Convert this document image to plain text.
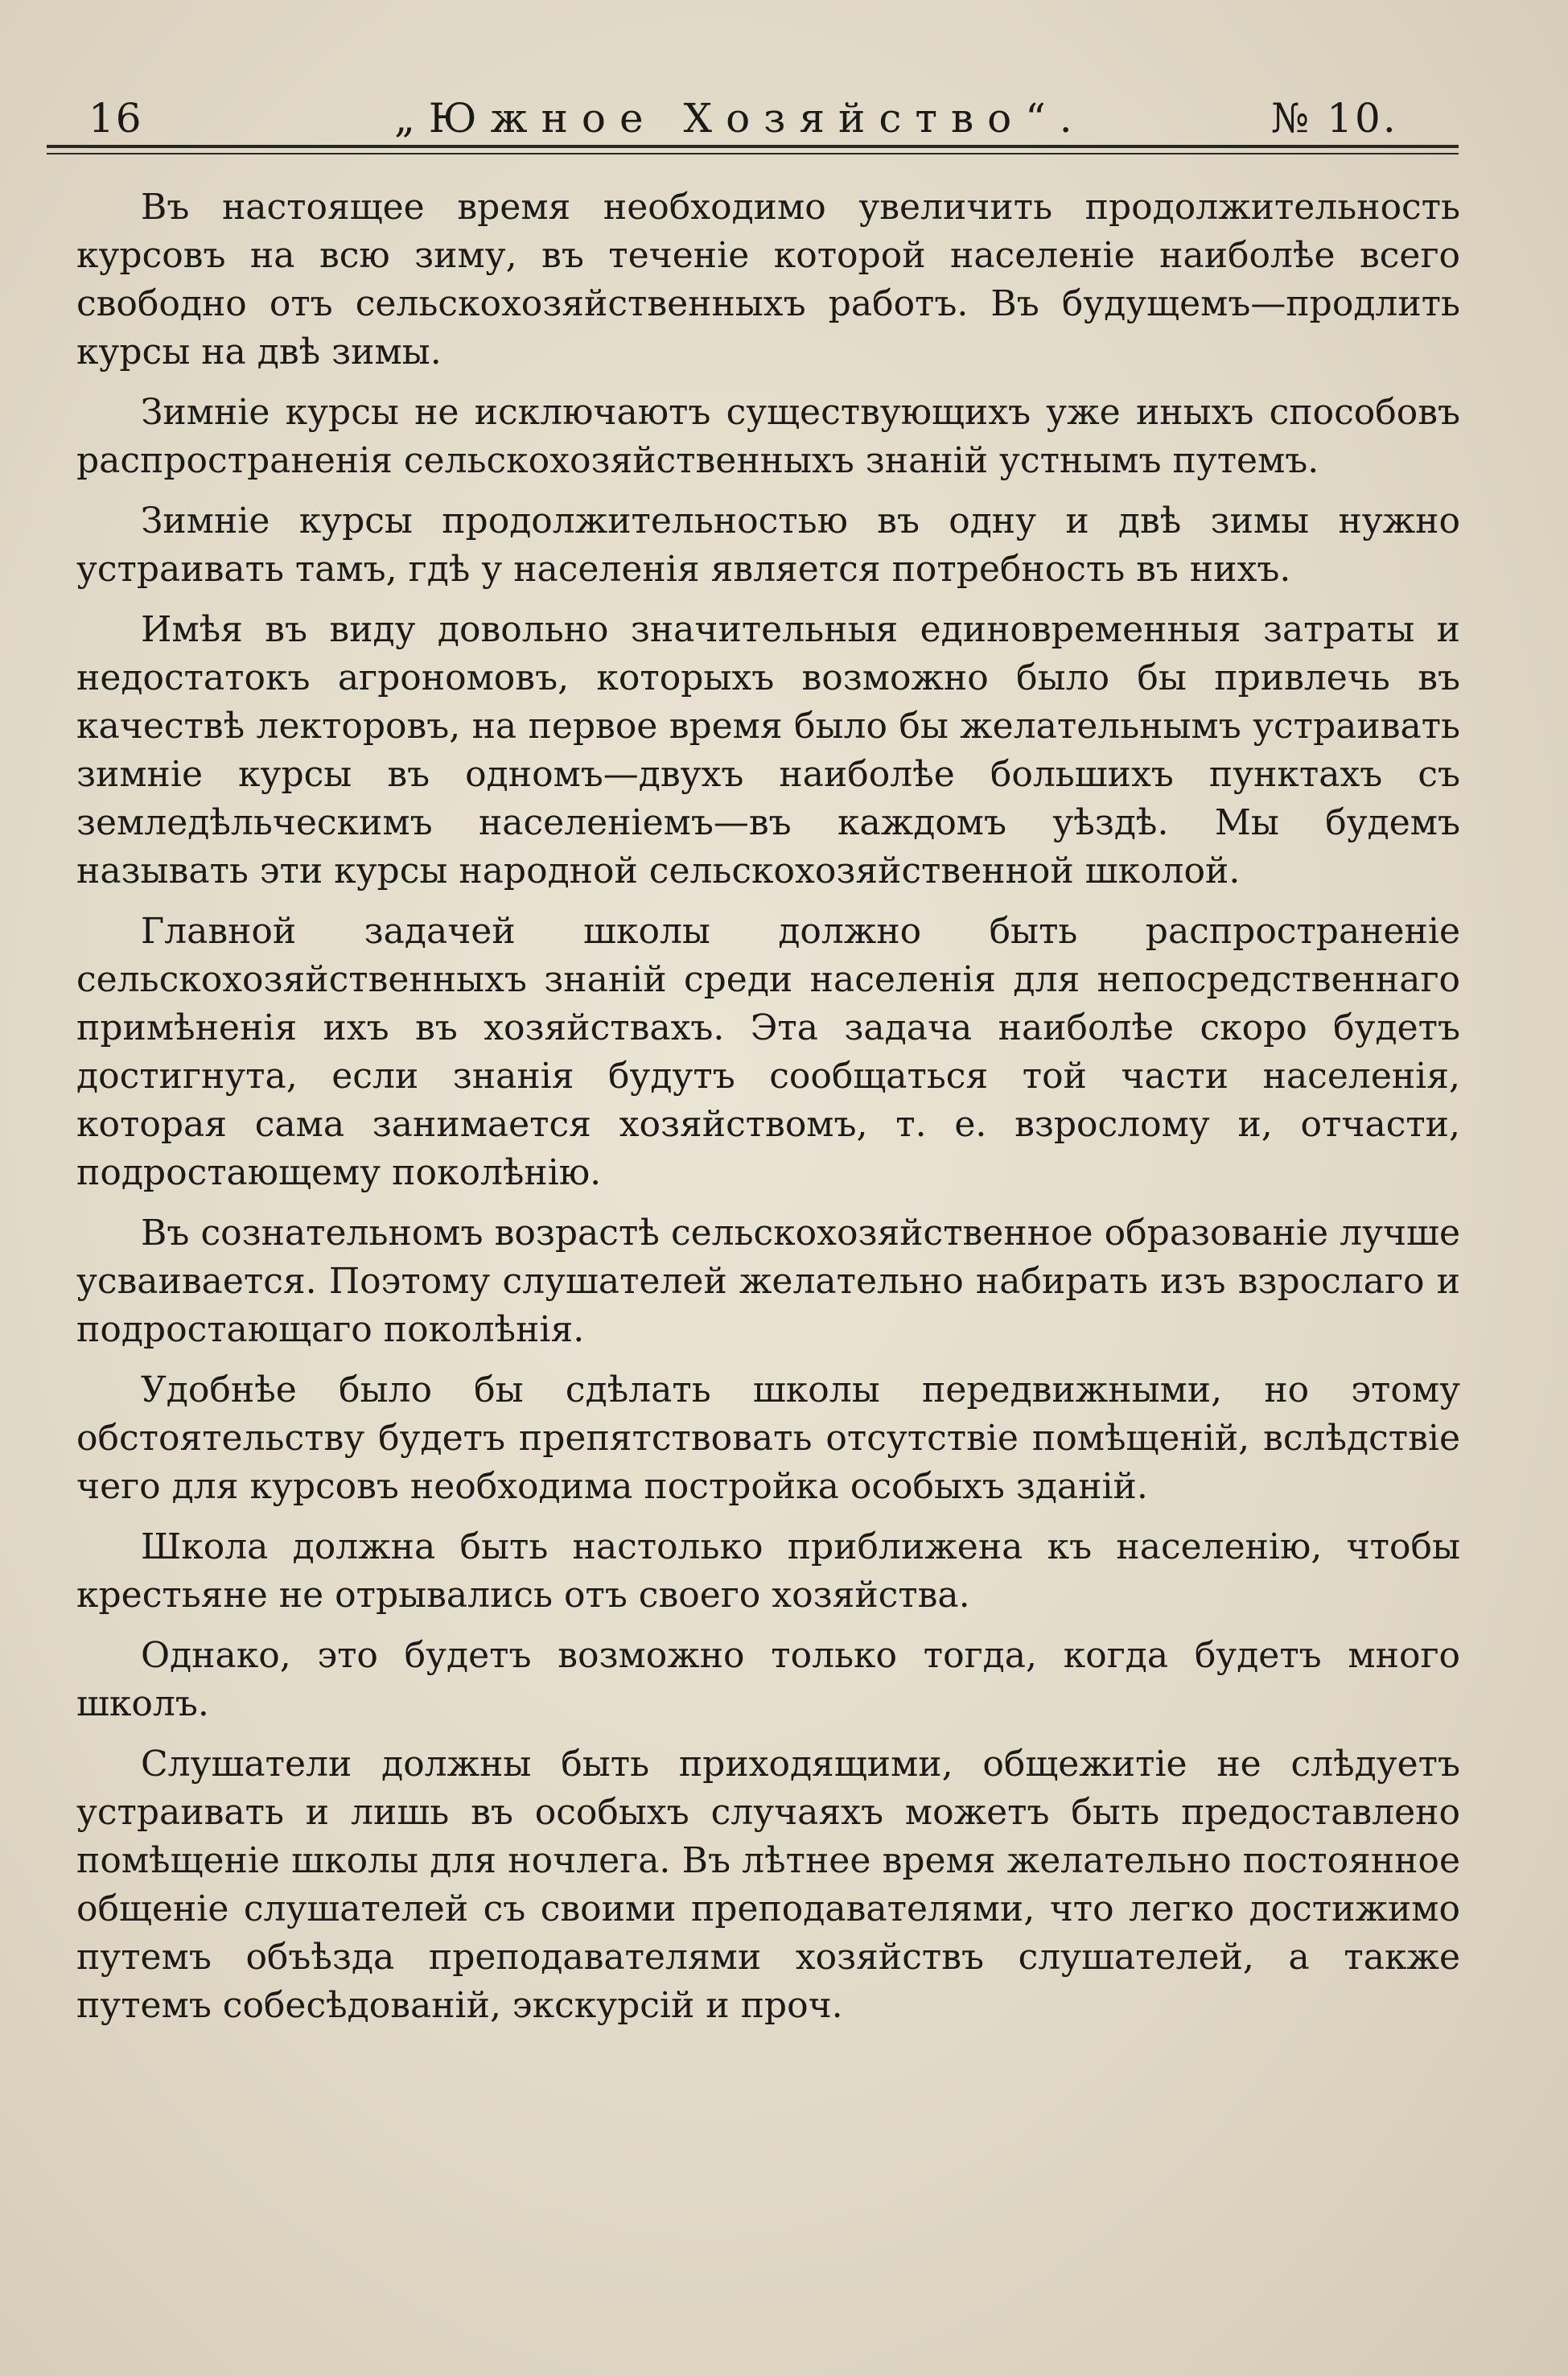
16	„Южное Хозяйство“.	№ 10.

Въ настоящее время необходимо увеличить продолжительность курсовъ на всю зиму, въ теченіе которой населеніе наиболѣе всего свободно отъ сельскохозяйственныхъ работъ. Въ будущемъ—продлить курсы на двѣ зимы.

Зимніе курсы не исключаютъ существующихъ уже иныхъ способовъ распространенія сельскохозяйственныхъ знаній устнымъ путемъ.

Зимніе курсы продолжительностью въ одну и двѣ зимы нужно устраивать тамъ, гдѣ у населенія является потребность въ нихъ.

Имѣя въ виду довольно значительныя единовременныя затраты и недостатокъ агрономовъ, которыхъ возможно было бы привлечь въ качествѣ лекторовъ, на первое время было бы желательнымъ устраивать зимніе курсы въ одномъ—двухъ наиболѣе большихъ пунктахъ съ земледѣльческимъ населеніемъ—въ каждомъ уѣздѣ. Мы будемъ называть эти курсы народной сельскохозяйственной школой.

Главной задачей школы должно быть распространеніе сельскохозяйственныхъ знаній среди населенія для непосредственнаго примѣненія ихъ въ хозяйствахъ. Эта задача наиболѣе скоро будетъ достигнута, если знанія будутъ сообщаться той части населенія, которая сама занимается хозяйствомъ, т. е. взрослому и, отчасти, подростающему поколѣнію.

Въ сознательномъ возрастѣ сельскохозяйственное образованіе лучше усваивается. Поэтому слушателей желательно набирать изъ взрослаго и подростающаго поколѣнія.

Удобнѣе было бы сдѣлать школы передвижными, но этому обстоятельству будетъ препятствовать отсутствіе помѣщеній, вслѣдствіе чего для курсовъ необходима постройка особыхъ зданій.

Школа должна быть настолько приближена къ населенію, чтобы крестьяне не отрывались отъ своего хозяйства.

Однако, это будетъ возможно только тогда, когда будетъ много школъ.

Слушатели должны быть приходящими, общежитіе не слѣдуетъ устраивать и лишь въ особыхъ случаяхъ можетъ быть предоставлено помѣщеніе школы для ночлега. Въ лѣтнее время желательно постоянное общеніе слушателей съ своими преподавателями, что легко достижимо путемъ объѣзда преподавателями хозяйствъ слушателей, а также путемъ собесѣдованій, экскурсій и проч.
